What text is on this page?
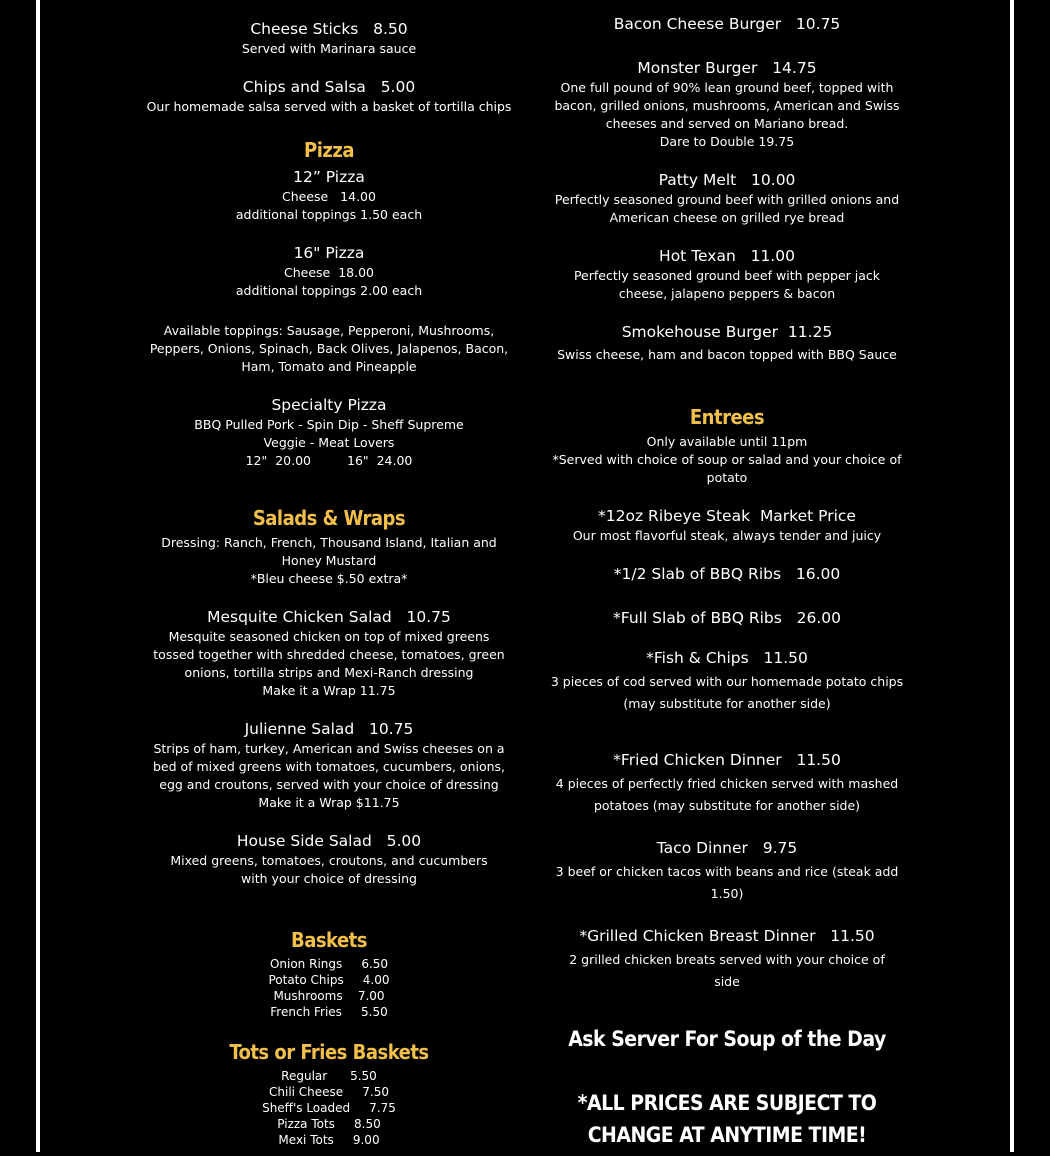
Cheese Sticks 8.50
Served with Marinara sauce
Chips and Salsa 5.00
Our homemade salsa served with a basket of tortilla chips
Pizza
12” Pizza
Cheese   14.00
additional toppings 1.50 each
16" Pizza
Cheese  18.00
additional toppings 2.00 each
Available toppings: Sausage, Pepperoni, Mushrooms, Peppers, Onions, Spinach, Back Olives, Jalapenos, Bacon, Ham, Tomato and Pineapple
Specialty Pizza
BBQ Pulled Pork - Spin Dip - Sheff Supreme
Veggie - Meat Lovers
12"  20.00	16"  24.00
Salads & Wraps
Dressing: Ranch, French, Thousand Island, Italian and Honey Mustard
*Bleu cheese $.50 extra*
Mesquite Chicken Salad 10.75
Mesquite seasoned chicken on top of mixed greens tossed together with shredded cheese, tomatoes, green onions, tortilla strips and Mexi-Ranch dressing
Make it a Wrap 11.75
Julienne Salad 10.75
Strips of ham, turkey, American and Swiss cheeses on a bed of mixed greens with tomatoes, cucumbers, onions, egg and croutons, served with your choice of dressing
Make it a Wrap $11.75
House Side Salad 5.00
Mixed greens, tomatoes, croutons, and cucumbers with your choice of dressing
Baskets
Onion Rings     6.50
Potato Chips     4.00
Mushrooms    7.00
French Fries     5.50
Tots or Fries Baskets
Regular      5.50
Chili Cheese     7.50
Sheff's Loaded     7.75
Pizza Tots     8.50
Mexi Tots     9.00
Bacon Cheese Burger 10.75
Monster Burger 14.75
One full pound of 90% lean ground beef, topped with bacon, grilled onions, mushrooms, American and Swiss cheeses and served on Mariano bread.
Dare to Double 19.75
Patty Melt 10.00
Perfectly seasoned ground beef with grilled onions and American cheese on grilled rye bread
Hot Texan 11.00
Perfectly seasoned ground beef with pepper jack cheese, jalapeno peppers & bacon
Smokehouse Burger 11.25
Swiss cheese, ham and bacon topped with BBQ Sauce
Entrees
Only available until 11pm
*Served with choice of soup or salad and your choice of potato
*12oz Ribeye Steak Market Price
Our most flavorful steak, always tender and juicy
*1/2 Slab of BBQ Ribs 16.00
*Full Slab of BBQ Ribs 26.00
*Fish & Chips 11.50
3 pieces of cod served with our homemade potato chips (may substitute for another side)
*Fried Chicken Dinner 11.50
4 pieces of perfectly fried chicken served with mashed potatoes (may substitute for another side)
Taco Dinner 9.75
3 beef or chicken tacos with beans and rice (steak add 1.50)
*Grilled Chicken Breast Dinner 11.50
2 grilled chicken breats served with your choice of side
Ask Server For Soup of the Day
*ALL PRICES ARE SUBJECT TO CHANGE AT ANYTIME TIME!
